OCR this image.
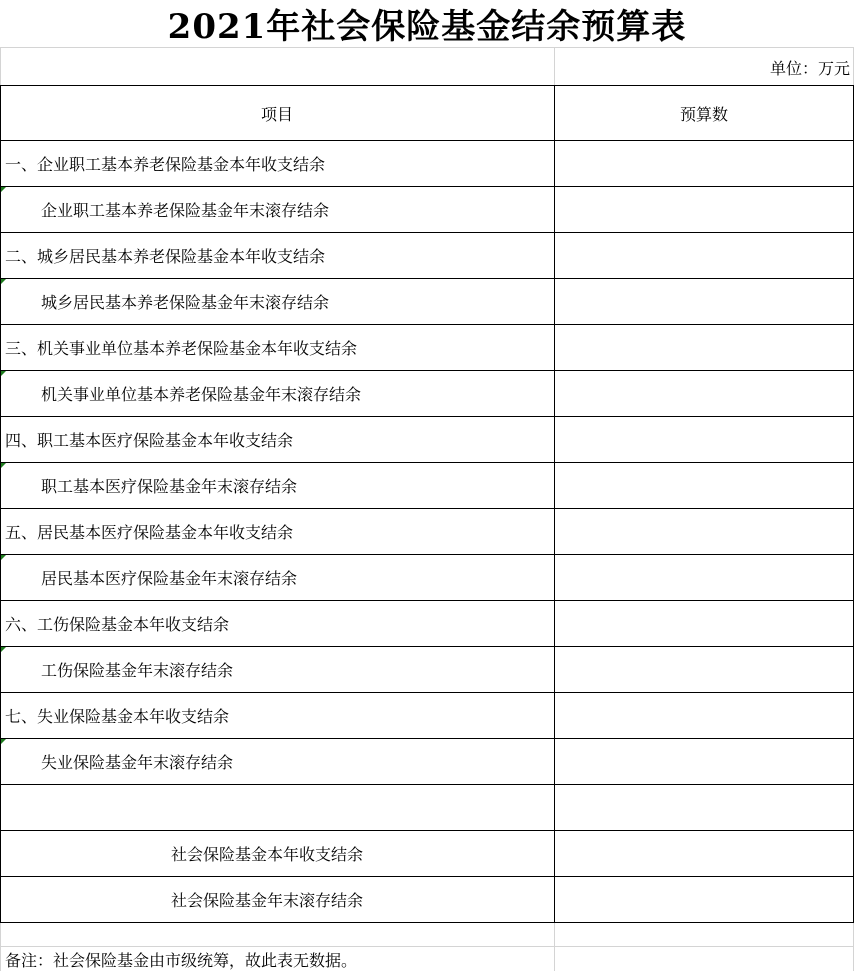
2021年社会保险基金结余预算表
单位：万元
项目	预算数
一、企业职工基本养老保险基金本年收支结余
企业职工基本养老保险基金年末滚存结余
二、城乡居民基本养老保险基金本年收支结余
城乡居民基本养老保险基金年末滚存结余
三、机关事业单位基本养老保险基金本年收支结余
机关事业单位基本养老保险基金年末滚存结余
四、职工基本医疗保险基金本年收支结余
职工基本医疗保险基金年末滚存结余
五、居民基本医疗保险基金本年收支结余
居民基本医疗保险基金年末滚存结余
六、工伤保险基金本年收支结余
工伤保险基金年末滚存结余
七、失业保险基金本年收支结余
失业保险基金年末滚存结余
社会保险基金本年收支结余
社会保险基金年末滚存结余
备注：社会保险基金由市级统筹，故此表无数据。
